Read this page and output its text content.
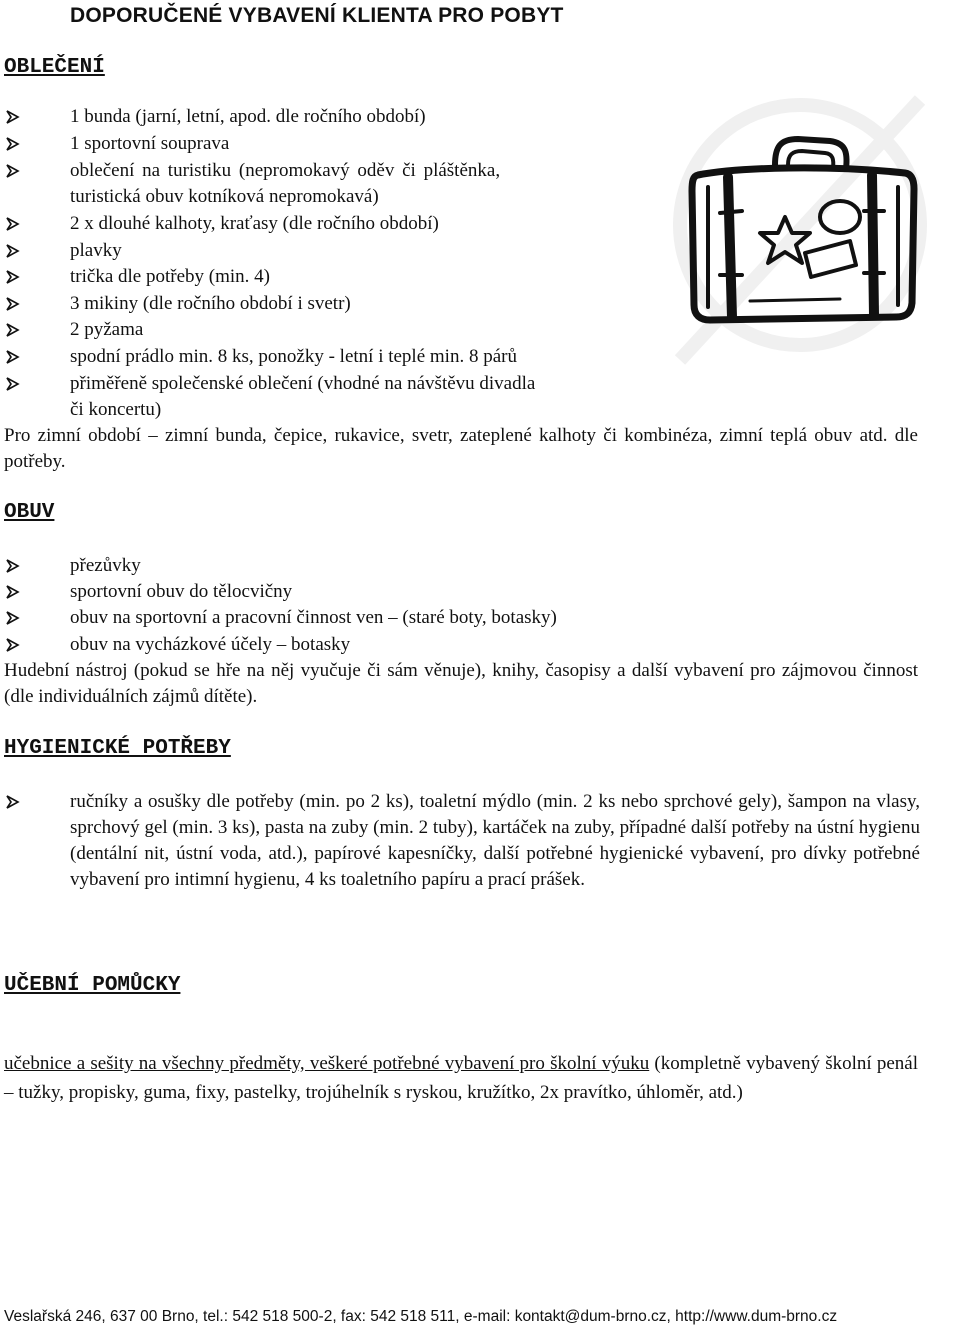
DOPORUČENÉ VYBAVENÍ KLIENTA PRO POBYT
OBLEČENÍ
1 bunda (jarní, letní, apod. dle ročního období)
1 sportovní souprava
oblečení na turistiku (nepromokavý oděv či pláštěnka,
turistická obuv kotníková nepromokavá)
2 x dlouhé kalhoty, kraťasy (dle ročního období)
plavky
trička dle potřeby (min. 4)
3 mikiny (dle ročního období i svetr)
2 pyžama
spodní prádlo min. 8 ks, ponožky - letní i teplé min. 8 párů
přiměřeně společenské oblečení (vhodné na návštěvu divadla
či koncertu)
Pro zimní období – zimní bunda, čepice, rukavice, svetr, zateplené kalhoty či kombinéza, zimní teplá obuv atd. dle potřeby.
OBUV
přezůvky
sportovní obuv do tělocvičny
obuv na sportovní a pracovní činnost ven – (staré boty, botasky)
obuv na vycházkové účely – botasky
Hudební nástroj (pokud se hře na něj vyučuje či sám věnuje), knihy, časopisy a další vybavení pro zájmovou činnost (dle individuálních zájmů dítěte).
HYGIENICKÉ POTŘEBY
ručníky a osušky dle potřeby (min. po 2 ks), toaletní mýdlo (min. 2 ks nebo sprchové gely), šampon na vlasy, sprchový gel (min. 3 ks), pasta na zuby (min. 2 tuby), kartáček na zuby, případné další potřeby na ústní hygienu (dentální nit, ústní voda, atd.), papírové kapesníčky, další potřebné hygienické vybavení, pro dívky potřebné vybavení pro intimní hygienu, 4 ks toaletního papíru a prací prášek.
UČEBNÍ POMŮCKY
učebnice a sešity na všechny předměty, veškeré potřebné vybavení pro školní výuku (kompletně vybavený školní penál – tužky, propisky, guma, fixy, pastelky, trojúhelník s ryskou, kružítko, 2x pravítko, úhloměr, atd.)
Veslařská 246, 637 00 Brno, tel.: 542 518 500-2, fax: 542 518 511, e-mail: kontakt@dum-brno.cz, http://www.dum-brno.cz
